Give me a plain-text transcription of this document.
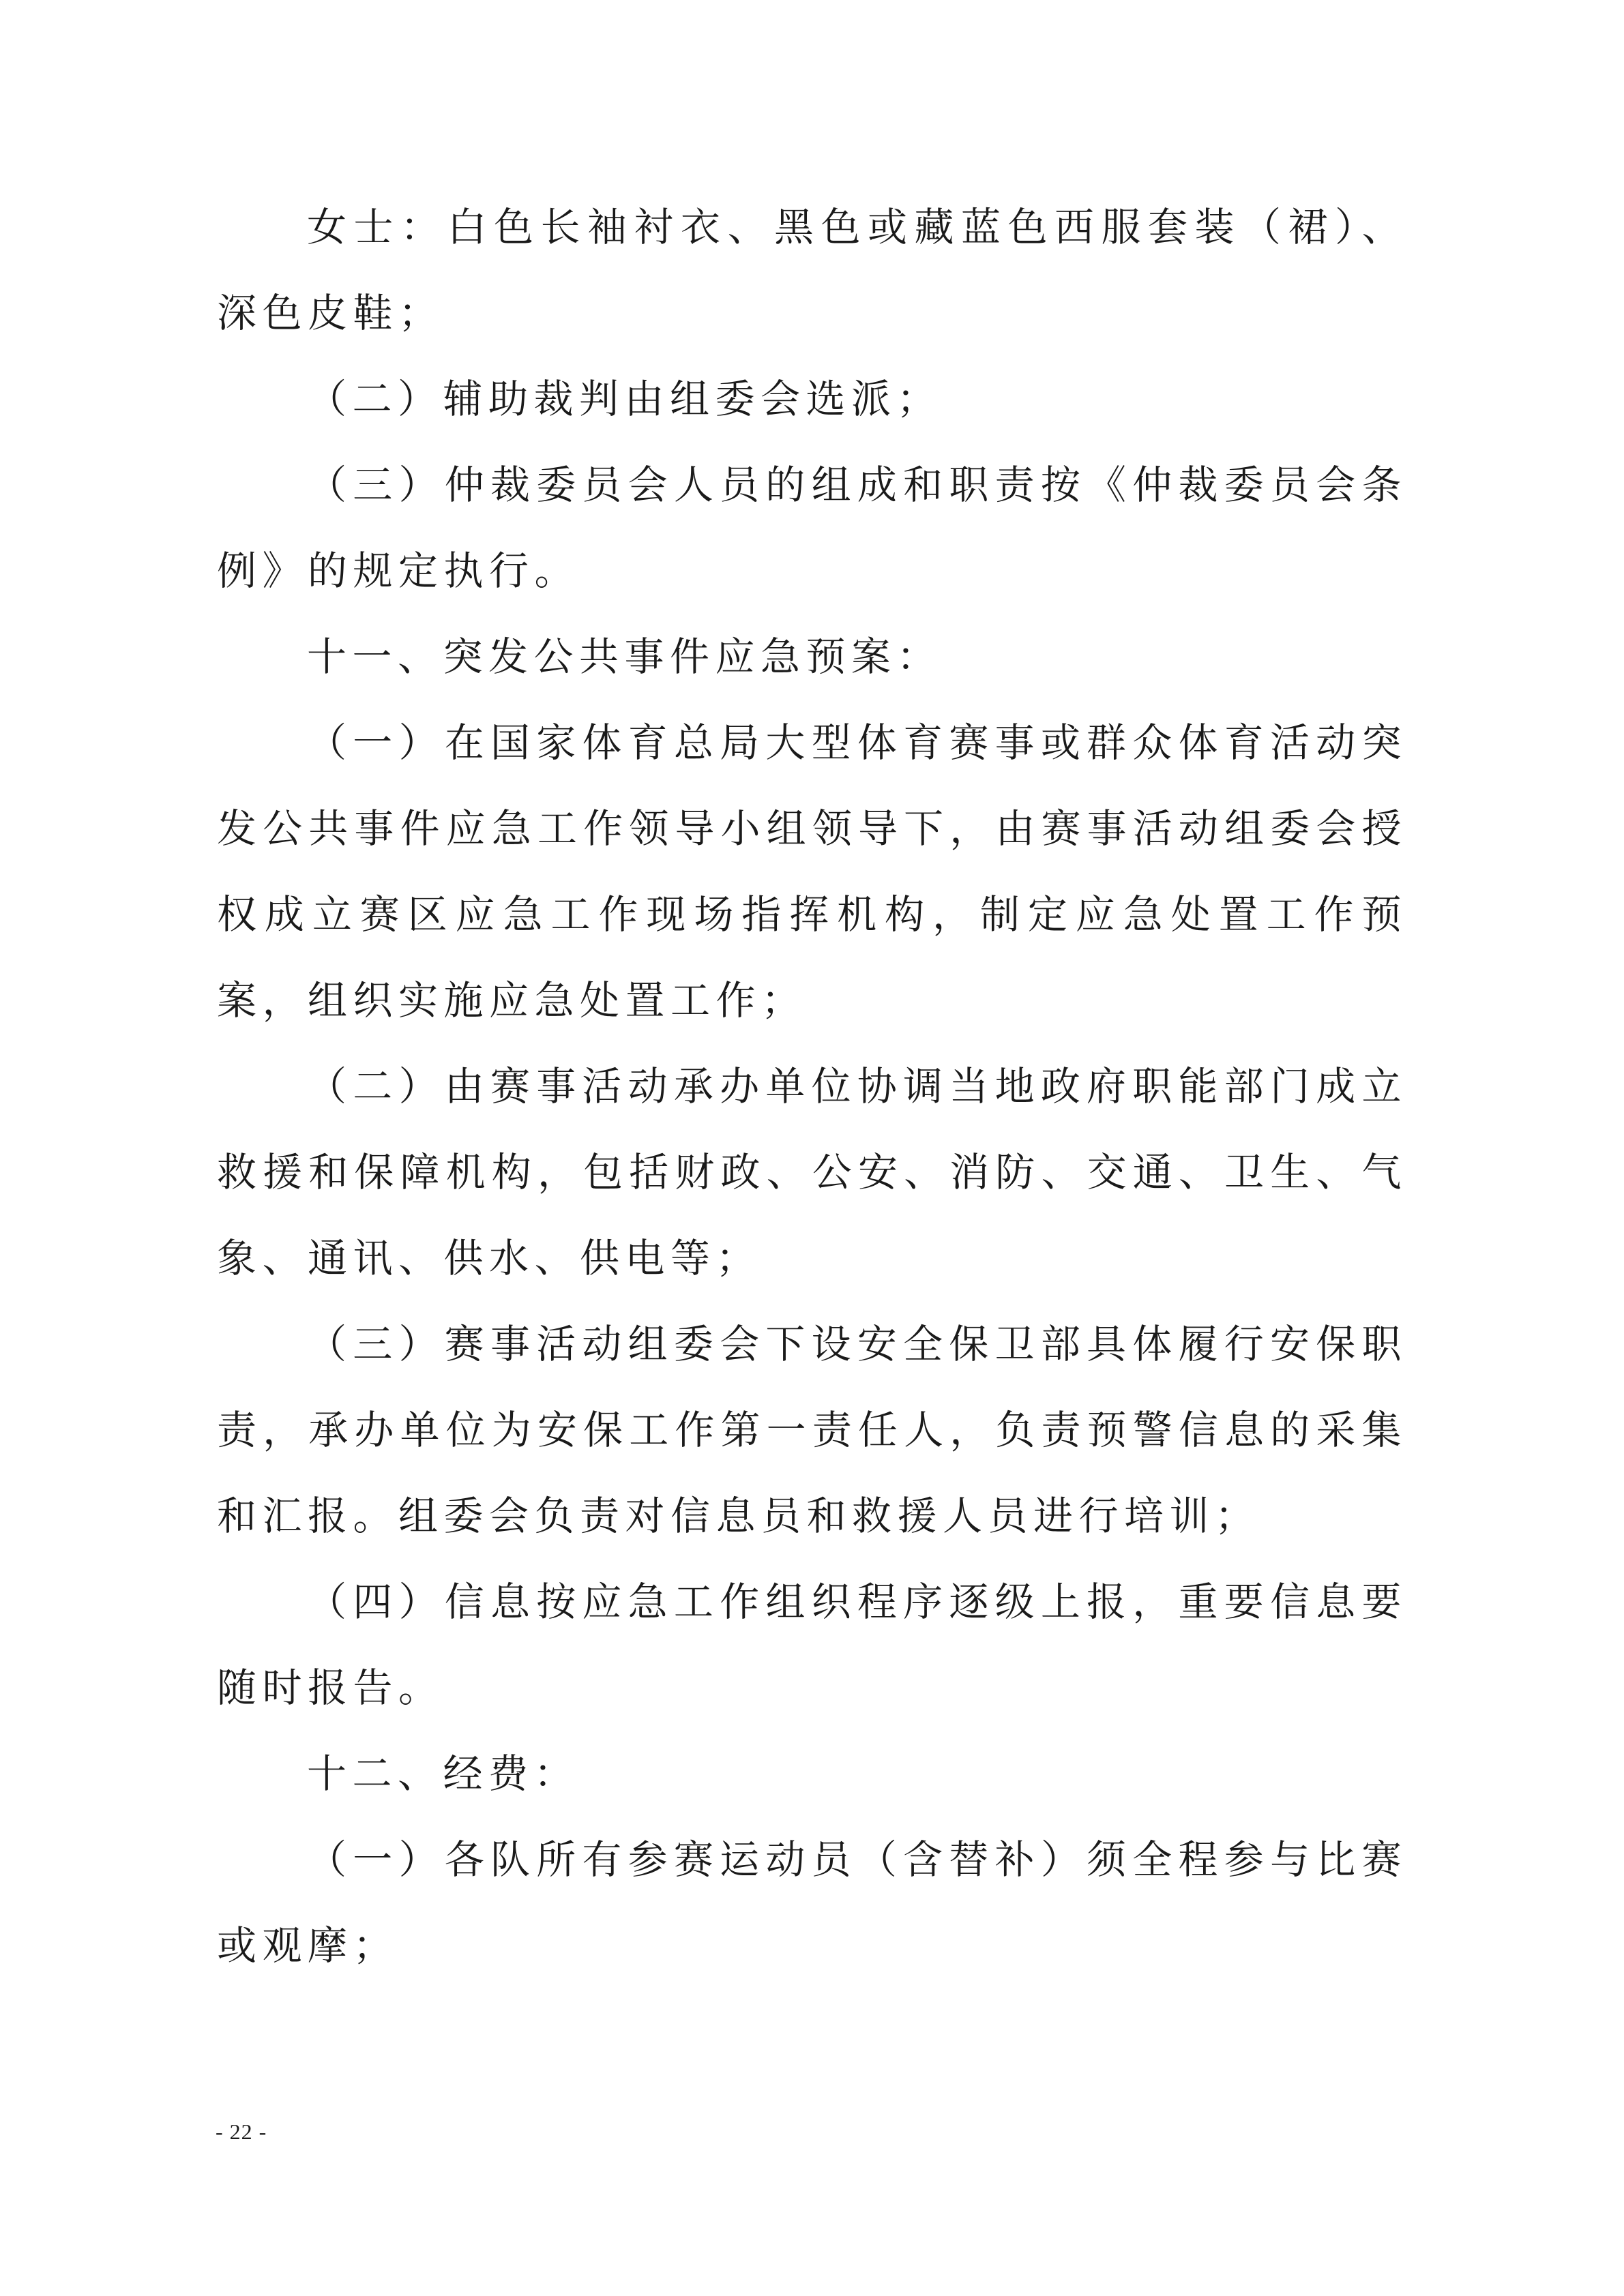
女士：白色长袖衬衣、黑色或藏蓝色西服套装（裙）、深色皮鞋；

（二）辅助裁判由组委会选派；

（三）仲裁委员会人员的组成和职责按《仲裁委员会条例》的规定执行。

十一、突发公共事件应急预案：

（一）在国家体育总局大型体育赛事或群众体育活动突发公共事件应急工作领导小组领导下，由赛事活动组委会授权成立赛区应急工作现场指挥机构，制定应急处置工作预案，组织实施应急处置工作；

（二）由赛事活动承办单位协调当地政府职能部门成立救援和保障机构，包括财政、公安、消防、交通、卫生、气象、通讯、供水、供电等；

（三）赛事活动组委会下设安全保卫部具体履行安保职责，承办单位为安保工作第一责任人，负责预警信息的采集和汇报。组委会负责对信息员和救援人员进行培训；

（四）信息按应急工作组织程序逐级上报，重要信息要随时报告。

十二、经费：

（一）各队所有参赛运动员（含替补）须全程参与比赛或观摩；

- 22 -
